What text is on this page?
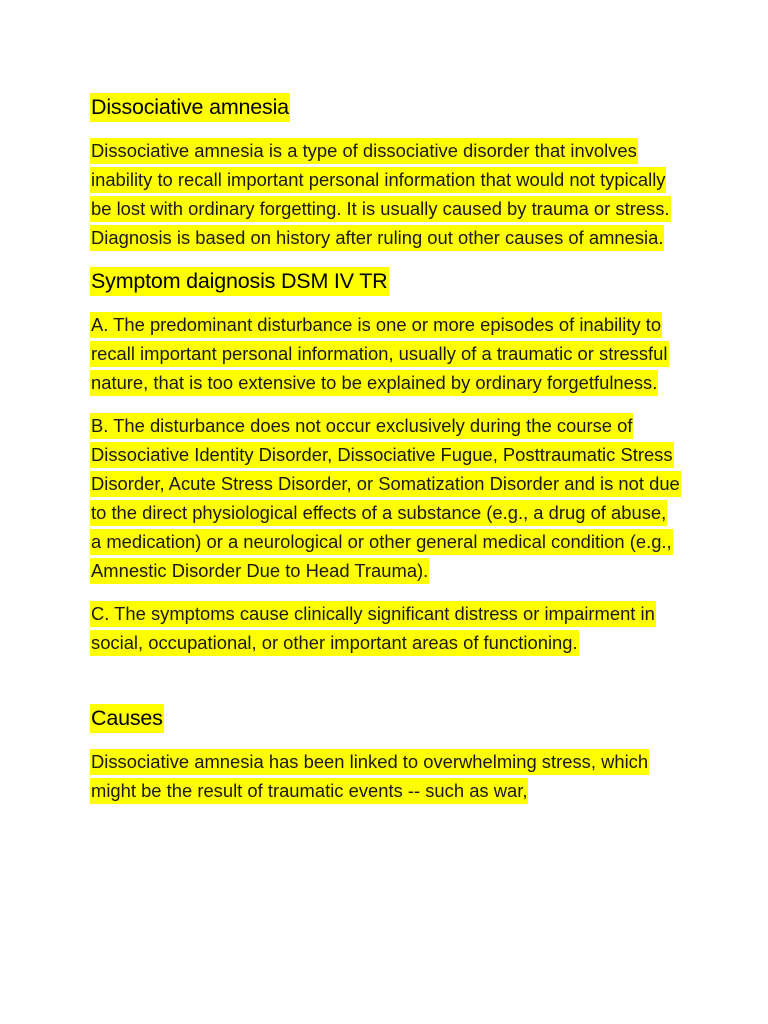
Dissociative amnesia

Dissociative amnesia is a type of dissociative disorder that involves inability to recall important personal information that would not typically be lost with ordinary forgetting. It is usually caused by trauma or stress. Diagnosis is based on history after ruling out other causes of amnesia.

Symptom daignosis DSM IV TR

A. The predominant disturbance is one or more episodes of inability to recall important personal information, usually of a traumatic or stressful nature, that is too extensive to be explained by ordinary forgetfulness.

B. The disturbance does not occur exclusively during the course of Dissociative Identity Disorder, Dissociative Fugue, Posttraumatic Stress Disorder, Acute Stress Disorder, or Somatization Disorder and is not due to the direct physiological effects of a substance (e.g., a drug of abuse, a medication) or a neurological or other general medical condition (e.g., Amnestic Disorder Due to Head Trauma).

C. The symptoms cause clinically significant distress or impairment in social, occupational, or other important areas of functioning.

Causes

Dissociative amnesia has been linked to overwhelming stress, which might be the result of traumatic events -- such as war,
